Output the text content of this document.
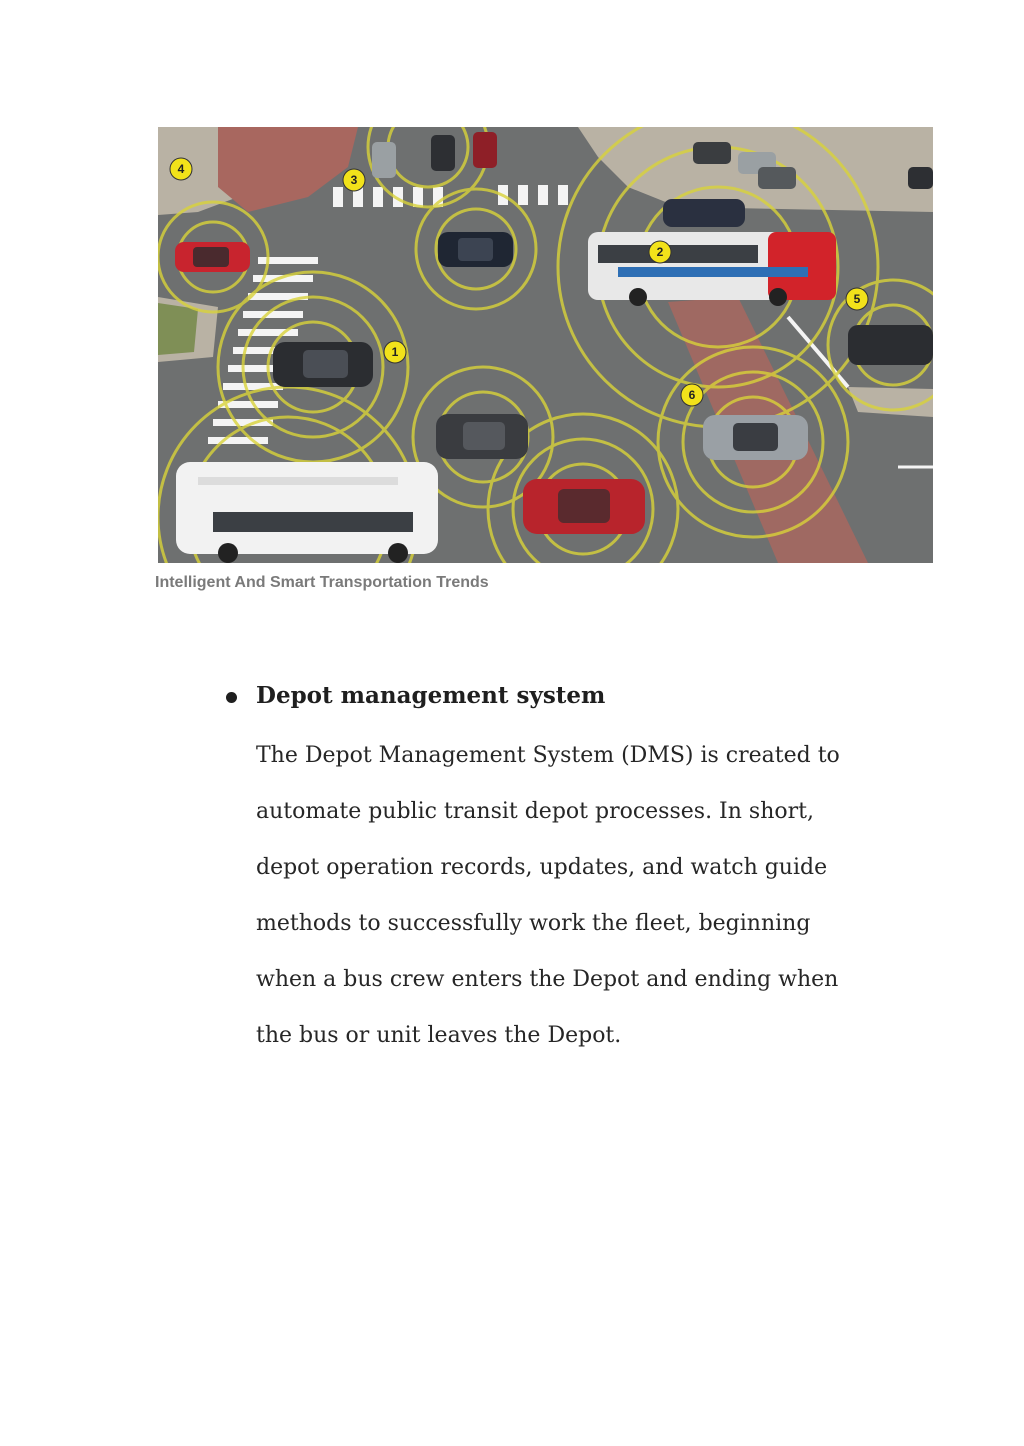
1
2
3
4
5
6
Intelligent And Smart Transportation Trends
Depot management system
The Depot Management System (DMS) is created to
automate public transit depot processes. In short,
depot operation records, updates, and watch guide
methods to successfully work the fleet, beginning
when a bus crew enters the Depot and ending when
the bus or unit leaves the Depot.
